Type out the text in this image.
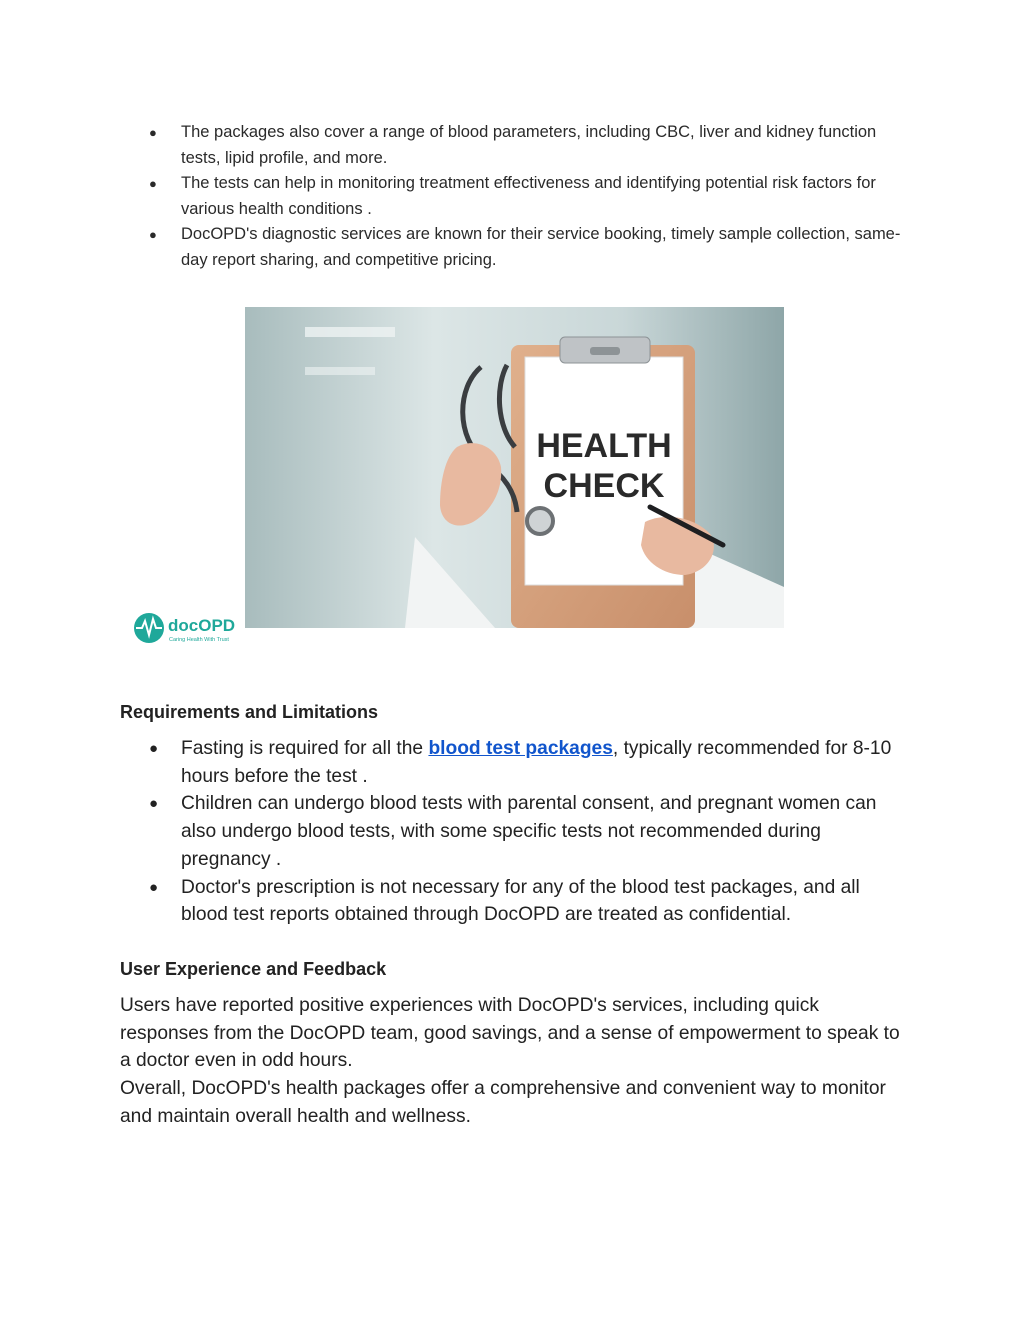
● The packages also cover a range of blood parameters, including CBC, liver and kidney function tests, lipid profile, and more.
● The tests can help in monitoring treatment effectiveness and identifying potential risk factors for various health conditions .
● DocOPD's diagnostic services are known for their service booking, timely sample collection, same-day report sharing, and competitive pricing.
HEALTH
CHECK
docOPD
Caring Health With Trust
Requirements and Limitations
● Fasting is required for all the blood test packages, typically recommended for 8-10 hours before the test .
● Children can undergo blood tests with parental consent, and pregnant women can also undergo blood tests, with some specific tests not recommended during pregnancy .
● Doctor's prescription is not necessary for any of the blood test packages, and all blood test reports obtained through DocOPD are treated as confidential.
User Experience and Feedback
Users have reported positive experiences with DocOPD's services, including quick responses from the DocOPD team, good savings, and a sense of empowerment to speak to a doctor even in odd hours.
Overall, DocOPD's health packages offer a comprehensive and convenient way to monitor and maintain overall health and wellness.
